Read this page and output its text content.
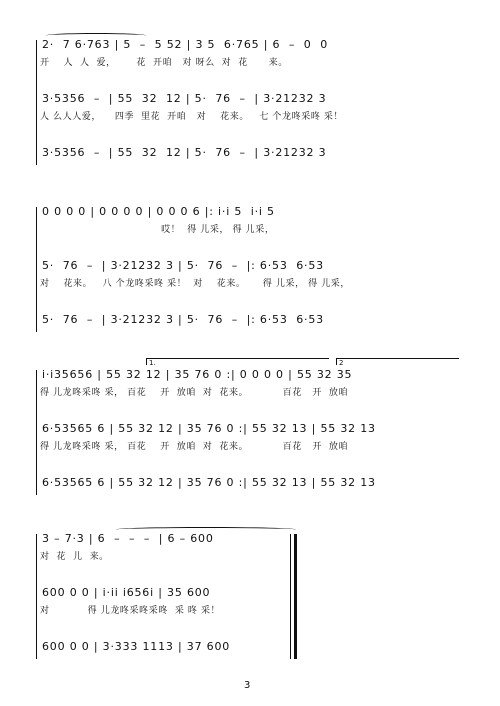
2·  7 6·763 | 5  –  5 52 | 3 5  6·765 | 6  –  0  0
开    人  人  爱，      花  开咱   对 呀么  对  花      来。
3·5356  –  | 55  32  12 | 5·  76  –  | 3·21232 3
人 么人人爱，    四季  里花  开咱   对    花来。   七 个龙咚采咚 采！
3·5356  –  | 55  32  12 | 5·  76  –  | 3·21232 3
0 0 0 0 | 0 0 0 0 | 0 0 0 6 |: i·i 5  i·i 5
哎！  得 儿采， 得 儿采，
5·  76  –  | 3·21232 3 | 5·  76  –  |: 6·53  6·53
对    花来。   八 个龙咚采咚 采！  对    花来。     得 儿采， 得 儿采，
5·  76  –  | 3·21232 3 | 5·  76  –  |: 6·53  6·53
1.	2
i·i35656 | 55 32 12 | 35 76 0 :| 0 0 0 0 | 55 32 35
得 儿龙咚采咚 采， 百花    开  放咱  对  花来。          百花   开  放咱
6·53565 6 | 55 32 12 | 35 76 0 :| 55 32 13 | 55 32 13
得 儿龙咚采咚 采， 百花    开  放咱  对  花来。          百花   开  放咱
6·53565 6 | 55 32 12 | 35 76 0 :| 55 32 13 | 55 32 13
3 – 7·3 | 6  –  –  –  | 6 – 600
对  花  儿  来。
600 0 0 | i·ii i656i | 35 600
对           得 儿龙咚采咚采咚  采 咚 采！
600 0 0 | 3·333 1113 | 37 600
3
